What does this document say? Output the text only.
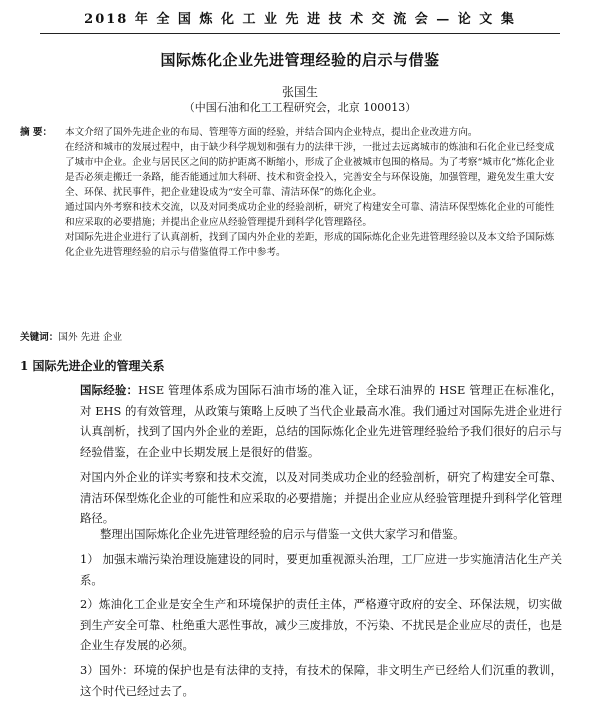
2018 年 全 国 炼 化 工 业 先 进 技 术 交 流 会 — 论 文 集
国际炼化企业先进管理经验的启示与借鉴
张国生
（中国石油和化工工程研究会，北京 100013）
摘 要： 本文介绍了国外先进企业的布局、管理等方面的经验，并结合国内企业特点，提出企业改进方向。

在经济和城市的发展过程中，由于缺少科学规划和强有力的法律干涉，一批过去远离城市的炼油和石化企业已经变成了城市中企业。企业与居民区之间的防护距离不断缩小，形成了企业被城市包围的格局。为了考察“城市化”炼化企业是否必须走搬迁一条路，能否能通过加大科研、技术和资金投入，完善安全与环保设施，加强管理，避免发生重大安全、环保、扰民事件，把企业建设成为“安全可靠、清洁环保”的炼化企业。

通过国内外考察和技术交流，以及对同类成功企业的经验剖析，研究了构建安全可靠、清洁环保型炼化企业的可能性和应采取的必要措施；并提出企业应从经验管理提升到科学化管理路径。

对国际先进企业进行了认真剖析，找到了国内外企业的差距，形成的国际炼化企业先进管理经验以及本文给予国际炼化企业先进管理经验的启示与借鉴值得工作中参考。

关键词：国外 先进 企业
1 国际先进企业的管理关系

国际经验：HSE 管理体系成为国际石油市场的准入证，全球石油界的 HSE 管理正在标准化，对 EHS 的有效管理，从政策与策略上反映了当代企业最高水准。我们通过对国际先进企业进行认真剖析，找到了国内外企业的差距，总结的国际炼化企业先进管理经验给予我们很好的启示与经验借鉴，在企业中长期发展上是很好的借鉴。

对国内外企业的详实考察和技术交流，以及对同类成功企业的经验剖析，研究了构建安全可靠、清洁环保型炼化企业的可能性和应采取的必要措施；并提出企业应从经验管理提升到科学化管理路径。

整理出国际炼化企业先进管理经验的启示与借鉴一文供大家学习和借鉴。

1） 加强末端污染治理设施建设的同时，要更加重视源头治理，工厂应进一步实施清洁化生产关系。

2）炼油化工企业是安全生产和环境保护的责任主体，严格遵守政府的安全、环保法规，切实做到生产安全可靠、杜绝重大恶性事故，减少三废排放，不污染、不扰民是企业应尽的责任，也是企业生存发展的必须。

3）国外：环境的保护也是有法律的支持，有技术的保障，非文明生产已经给人们沉重的教训，这个时代已经过去了。
